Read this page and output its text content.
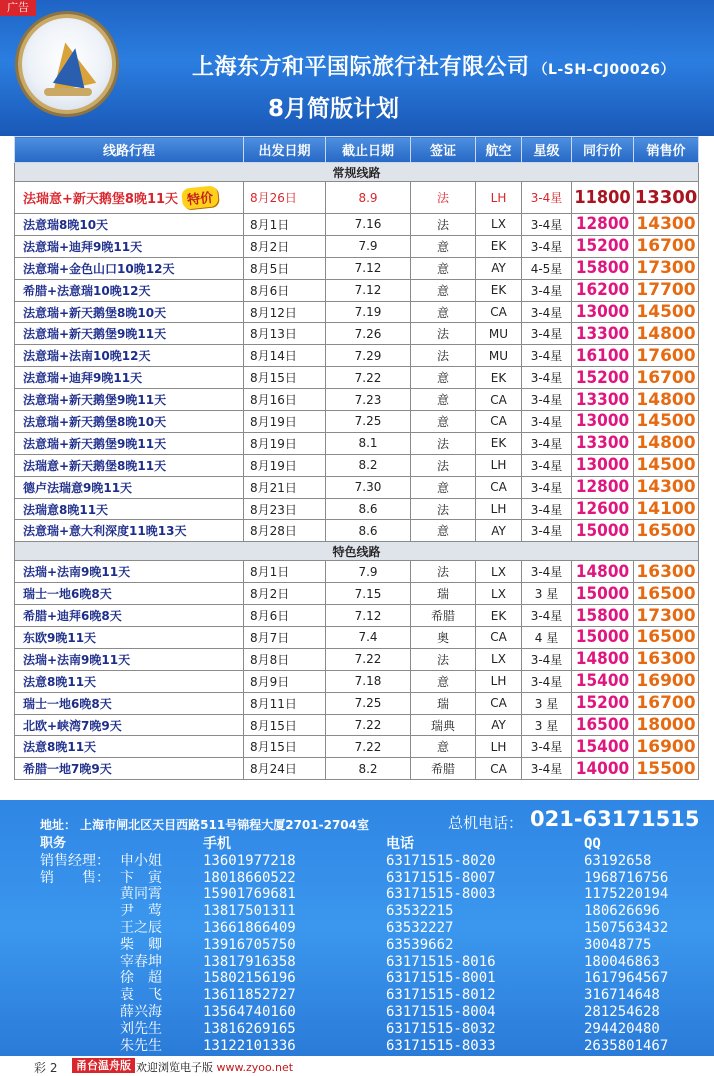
广告
上海东方和平国际旅行社有限公司 （L-SH-CJ00026）
8月简版计划
线路行程	出发日期	截止日期	签证	航空	星级	同行价	销售价
常规线路							
法瑞意+新天鹅堡8晚11天 特价	8月26日	8.9	法	LH	3-4星	11800	13300
法意瑞8晚10天	8月1日	7.16	法	LX	3-4星	12800	14300
法意瑞+迪拜9晚11天	8月2日	7.9	意	EK	3-4星	15200	16700
法意瑞+金色山口10晚12天	8月5日	7.12	意	AY	4-5星	15800	17300
希腊+法意瑞10晚12天	8月6日	7.12	意	EK	3-4星	16200	17700
法意瑞+新天鹅堡8晚10天	8月12日	7.19	意	CA	3-4星	13000	14500
法意瑞+新天鹅堡9晚11天	8月13日	7.26	法	MU	3-4星	13300	14800
法意瑞+法南10晚12天	8月14日	7.29	法	MU	3-4星	16100	17600
法意瑞+迪拜9晚11天	8月15日	7.22	意	EK	3-4星	15200	16700
法意瑞+新天鹅堡9晚11天	8月16日	7.23	意	CA	3-4星	13300	14800
法意瑞+新天鹅堡8晚10天	8月19日	7.25	意	CA	3-4星	13000	14500
法意瑞+新天鹅堡9晚11天	8月19日	8.1	法	EK	3-4星	13300	14800
法瑞意+新天鹅堡8晚11天	8月19日	8.2	法	LH	3-4星	13000	14500
德卢法瑞意9晚11天	8月21日	7.30	意	CA	3-4星	12800	14300
法瑞意8晚11天	8月23日	8.6	法	LH	3-4星	12600	14100
法意瑞+意大利深度11晚13天	8月28日	8.6	意	AY	3-4星	15000	16500
特色线路							
法瑞+法南9晚11天	8月1日	7.9	法	LX	3-4星	14800	16300
瑞士一地6晚8天	8月2日	7.15	瑞	LX	3 星	15000	16500
希腊+迪拜6晚8天	8月6日	7.12	希腊	EK	3-4星	15800	17300
东欧9晚11天	8月7日	7.4	奥	CA	4 星	15000	16500
法瑞+法南9晚11天	8月8日	7.22	法	LX	3-4星	14800	16300
法意8晚11天	8月9日	7.18	意	LH	3-4星	15400	16900
瑞士一地6晚8天	8月11日	7.25	瑞	CA	3 星	15200	16700
北欧+峡湾7晚9天	8月15日	7.22	瑞典	AY	3 星	16500	18000
法意8晚11天	8月15日	7.22	意	LH	3-4星	15400	16900
希腊一地7晚9天	8月24日	8.2	希腊	CA	3-4星	14000	15500
地址： 上海市闸北区天目西路511号锦程大厦2701-2704室	总机电话： 021-63171515
职务	手机	电话	QQ
销售经理： 申小姐	13601977218	63171515-8020	63192658
销　　售： 卞　寅	18018660522	63171515-8007	1968716756
黄同霄	15901769681	63171515-8003	1175220194
尹　莺	13817501311	63532215	180626696
王之辰	13661866409	63532227	1507563432
柴　卿	13916705750	63539662	30048775
宰春坤	13817916358	63171515-8016	180046863
徐　超	15802156196	63171515-8001	1617964567
袁　飞	13611852727	63171515-8012	316714648
薛兴海	13564740160	63171515-8004	281254628
刘先生	13816269165	63171515-8032	294420480
朱先生	13122101336	63171515-8033	2635801467
彩 2	甬台温舟版 欢迎浏览电子版 www.zyoo.net
